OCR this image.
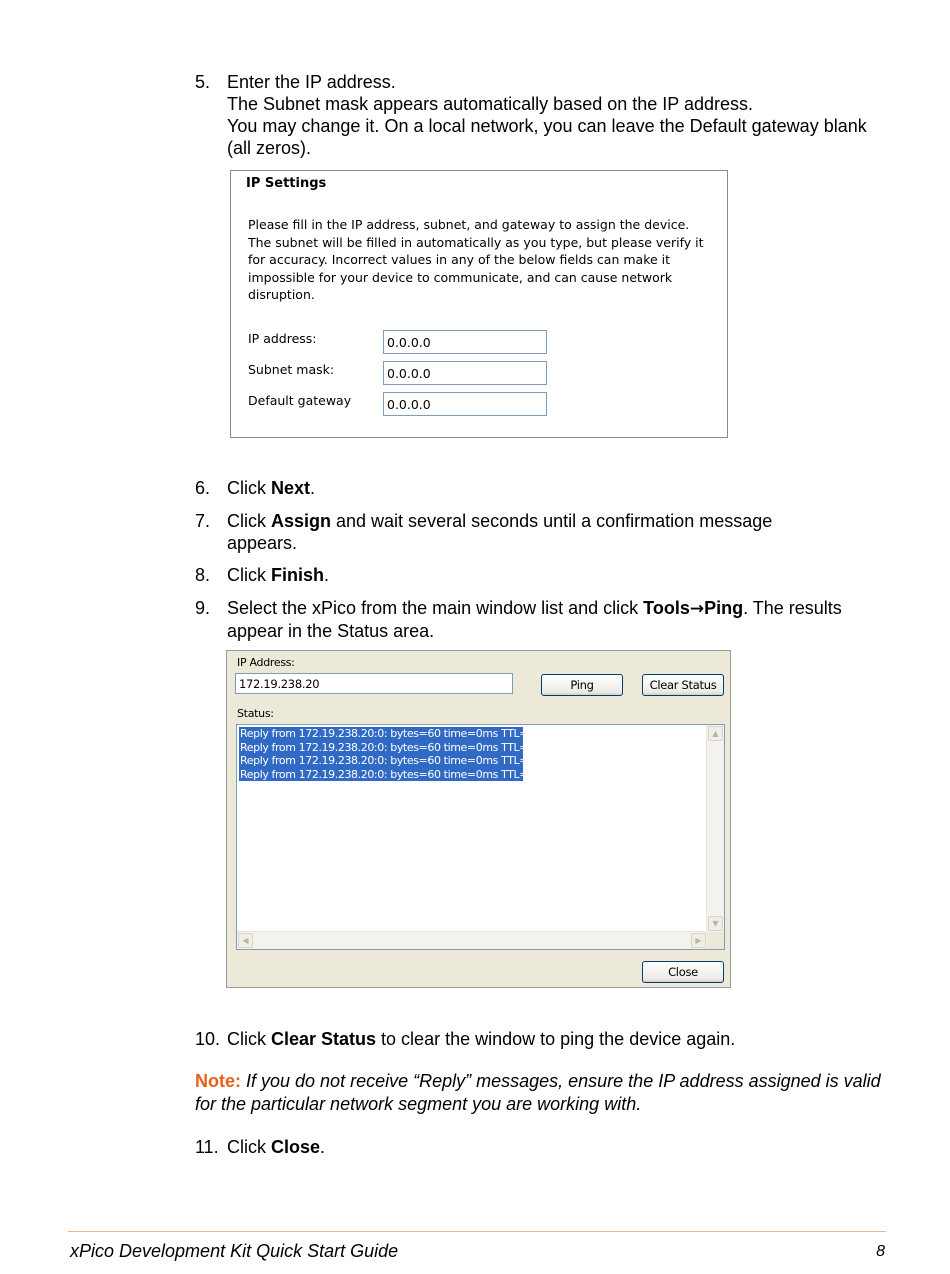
5. Enter the IP address.
The Subnet mask appears automatically based on the IP address.
You may change it. On a local network, you can leave the Default gateway blank (all zeros).
IP Settings
Please fill in the IP address, subnet, and gateway to assign the device. The subnet will be filled in automatically as you type, but please verify it for accuracy. Incorrect values in any of the below fields can make it impossible for your device to communicate, and can cause network disruption.
IP address:	0.0.0.0
Subnet mask:	0.0.0.0
Default gateway	0.0.0.0
6. Click Next.
7. Click Assign and wait several seconds until a confirmation message appears.
8. Click Finish.
9. Select the xPico from the main window list and click Tools→Ping. The results appear in the Status area.
IP Address:
172.19.238.20	Ping	Clear Status
Status:
Reply from 172.19.238.20:0: bytes=60 time=0ms TTL=64
Reply from 172.19.238.20:0: bytes=60 time=0ms TTL=64
Reply from 172.19.238.20:0: bytes=60 time=0ms TTL=64
Reply from 172.19.238.20:0: bytes=60 time=0ms TTL=64
▲
▼
◀	▶
Close
10. Click Clear Status to clear the window to ping the device again.
Note: If you do not receive “Reply” messages, ensure the IP address assigned is valid for the particular network segment you are working with.
11. Click Close.
xPico Development Kit Quick Start Guide	8
